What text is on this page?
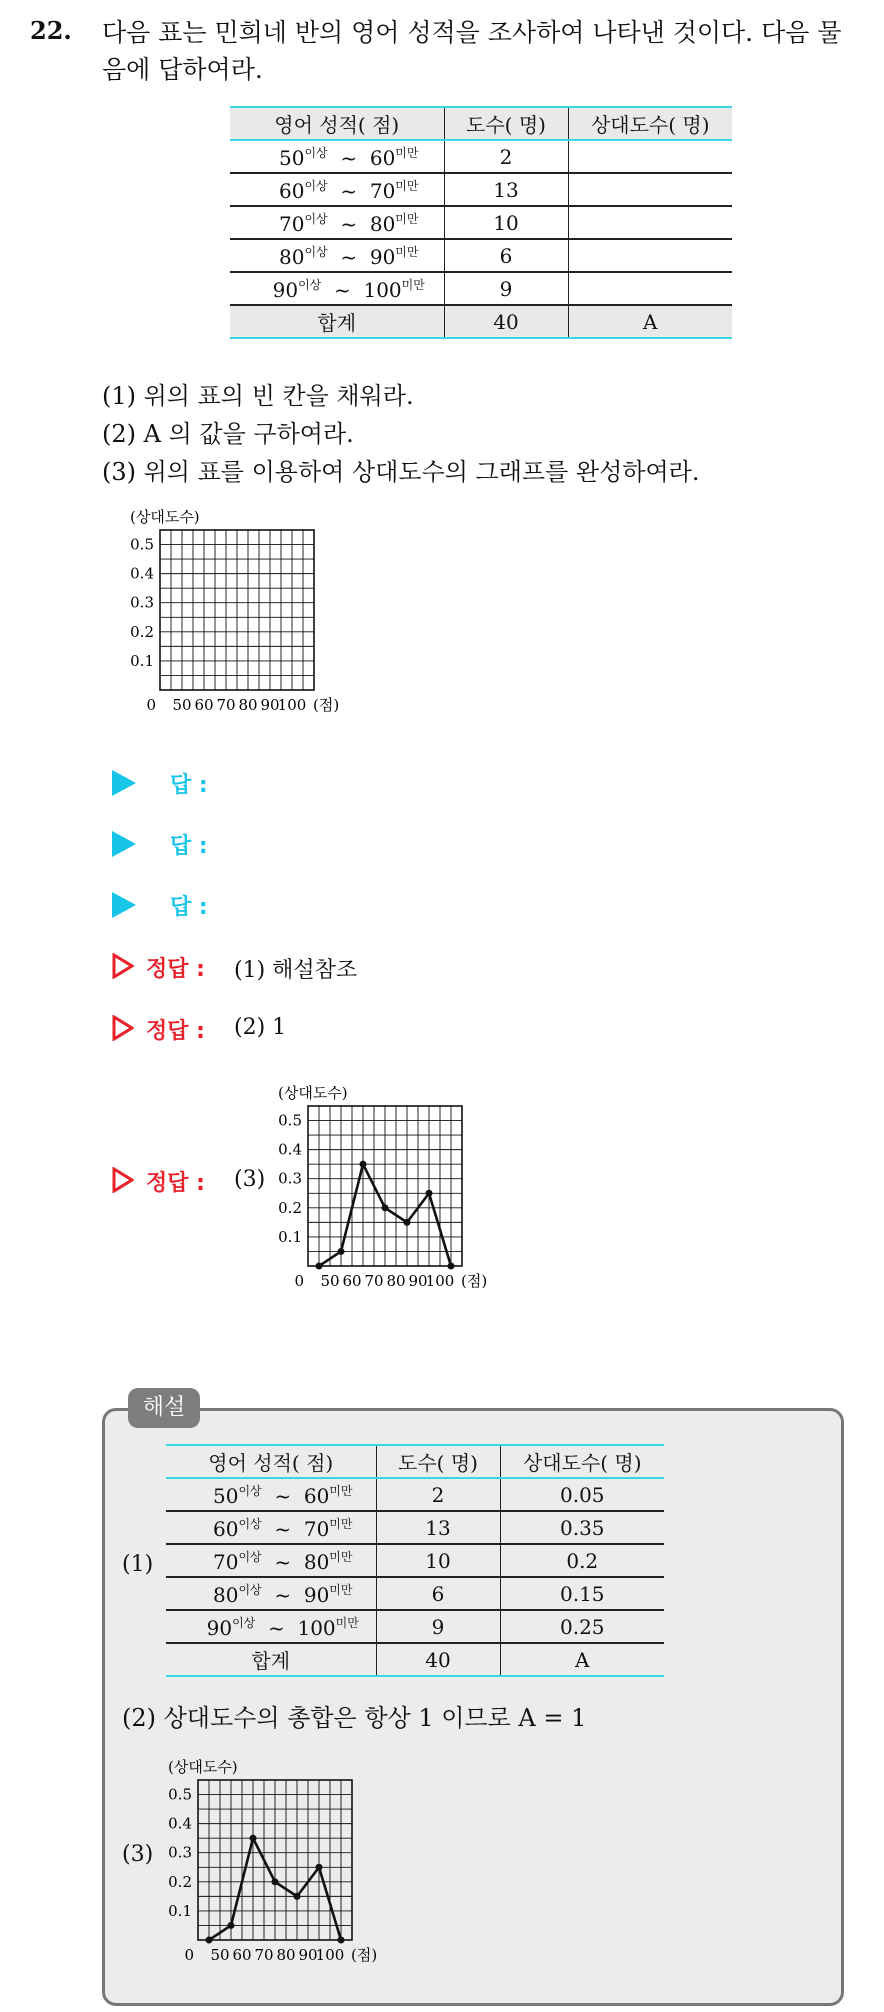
22. 다음 표는 민희네 반의 영어 성적을 조사하여 나타낸 것이다. 다음 물음에 답하여라.
영어 성적( 점)	도수( 명)	상대도수( 명)
$50^{이상}$  ~  $60^{미만}$	2	
$60^{이상}$  ~  $70^{미만}$	13	
$70^{이상}$  ~  $80^{미만}$	10	
$80^{이상}$  ~  $90^{미만}$	6	
$90^{이상}$  ~  $100^{미만}$	9	
합계	40	A
(1) 위의 표의 빈 칸을 채워라.
(2) A 의 값을 구하여라.
(3) 위의 표를 이용하여 상대도수의 그래프를 완성하여라.
(상대도수)
0.5
0.4
0.3
0.2
0.1
0 50 60 70 80 90
100 (점)
답 :
답 :
답 :
정답 : (1) 해설참조
정답 : (2) 1
정답 : (3)
(상대도수)
0.5
0.4
0.3
0.2
0.1
0 50 60 70 80 90
100 (점)
해설
(1)
영어 성적( 점)	도수( 명)	상대도수( 명)
$50^{이상}$  ~  $60^{미만}$	2	0.05
$60^{이상}$  ~  $70^{미만}$	13	0.35
$70^{이상}$  ~  $80^{미만}$	10	0.2
$80^{이상}$  ~  $90^{미만}$	6	0.15
$90^{이상}$  ~  $100^{미만}$	9	0.25
합계	40	A
(2) 상대도수의 총합은 항상 1 이므로 A = 1
(3)
(상대도수)
0.5
0.4
0.3
0.2
0.1
0 50 60 70 80 90
100 (점)
